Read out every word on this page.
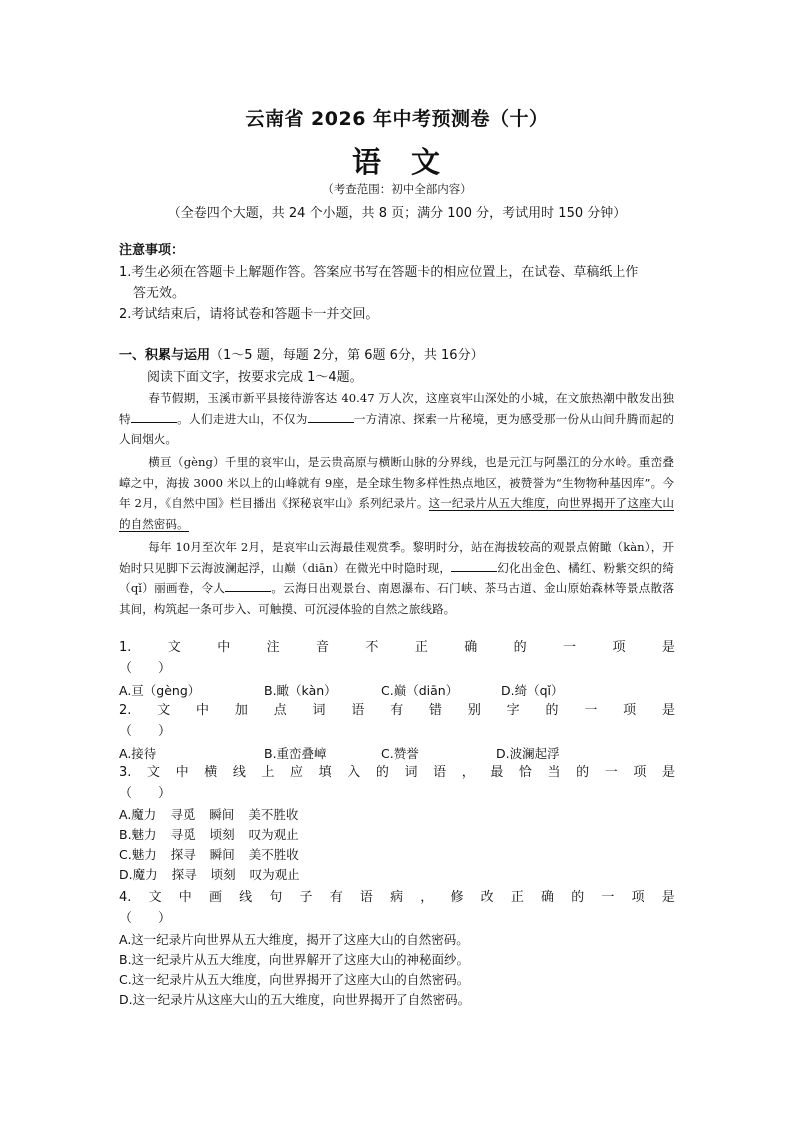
云南省 2026 年中考预测卷（十）
语 文
（考查范围：初中全部内容）
（全卷四个大题，共 24 个小题，共 8 页；满分 100 分，考试用时 150 分钟）
注意事项：
1.考生必须在答题卡上解题作答。答案应书写在答题卡的相应位置上，在试卷、草稿纸上作
答无效。
2.考试结束后，请将试卷和答题卡一并交回。
一、积累与运用（1～5 题，每题 2分，第 6题 6分，共 16分）
阅读下面文字，按要求完成 1～4题。
春节假期，玉溪市新平县接待游客达 40.47 万人次，这座哀牢山深处的小城，在文旅热潮中散发出独特	。人们走进大山，不仅为	一方清凉、探索一片秘境，更为感受那一份从山间升腾而起的人间烟火。
横亘（gèng）千里的哀牢山，是云贵高原与横断山脉的分界线，也是元江与阿墨江的分水岭。重峦叠嶂之中，海拔 3000 米以上的山峰就有 9座，是全球生物多样性热点地区，被赞誉为“生物物种基因库”。今年 2月，《自然中国》栏目播出《探秘哀牢山》系列纪录片。这一纪录片从五大维度，向世界揭开了这座大山的自然密码。
每年 10月至次年 2月，是哀牢山云海最佳观赏季。黎明时分，站在海拔较高的观景点俯瞰（kàn），开始时只见脚下云海波澜起浮，山巅（diān）在微光中时隐时现，	幻化出金色、橘红、粉紫交织的绮（qǐ）丽画卷，令人	。云海日出观景台、南恩瀑布、石门峡、茶马古道、金山原始森林等景点散落其间，构筑起一条可步入、可触摸、可沉浸体验的自然之旅线路。
1.	文	中	注	音	不	正	确	的	一	项	是
（　　）
A.亘（gèng）	B.瞰（kàn）	C.巅（diān）	D.绮（qǐ）
2. 文 中 加 点 词 语 有 错 别 字 的 一 项 是
（　　）
A.接待	B.重峦叠嶂	C.赞誉	D.波澜起浮
3. 文 中 横 线 上 应 填 入 的 词 语 ， 最 恰 当 的 一 项 是
（　　）
A.魔力 寻觅 瞬间 美不胜收
B.魅力 寻觅 顷刻 叹为观止
C.魅力 探寻 瞬间 美不胜收
D.魔力 探寻 顷刻 叹为观止
4. 文 中 画 线 句 子 有 语 病 ， 修 改 正 确 的 一 项 是
（　　）
A.这一纪录片向世界从五大维度，揭开了这座大山的自然密码。
B.这一纪录片从五大维度，向世界解开了这座大山的神秘面纱。
C.这一纪录片从五大维度，向世界揭开了这座大山的自然密码。
D.这一纪录片从这座大山的五大维度，向世界揭开了自然密码。
